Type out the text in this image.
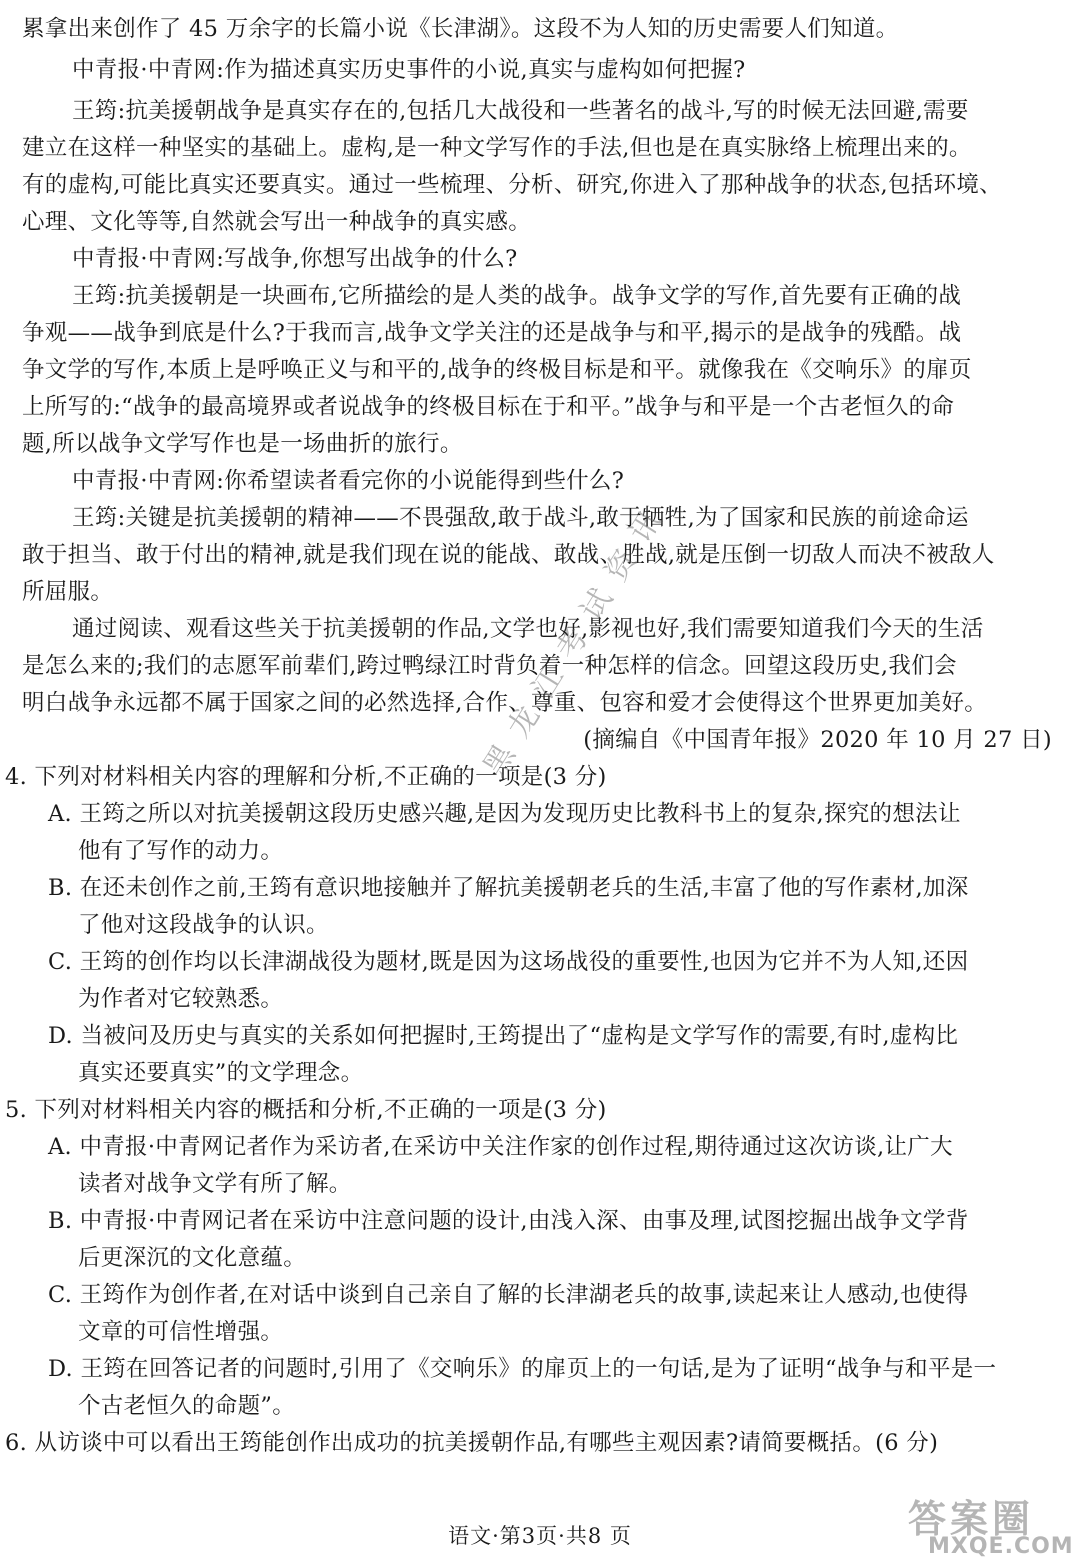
累拿出来创作了 45 万余字的长篇小说《长津湖》。这段不为人知的历史需要人们知道。
中青报·中青网:作为描述真实历史事件的小说,真实与虚构如何把握?
王筠:抗美援朝战争是真实存在的,包括几大战役和一些著名的战斗,写的时候无法回避,需要
建立在这样一种坚实的基础上。虚构,是一种文学写作的手法,但也是在真实脉络上梳理出来的。
有的虚构,可能比真实还要真实。通过一些梳理、分析、研究,你进入了那种战争的状态,包括环境、
心理、文化等等,自然就会写出一种战争的真实感。
中青报·中青网:写战争,你想写出战争的什么?
王筠:抗美援朝是一块画布,它所描绘的是人类的战争。战争文学的写作,首先要有正确的战
争观——战争到底是什么?于我而言,战争文学关注的还是战争与和平,揭示的是战争的残酷。战
争文学的写作,本质上是呼唤正义与和平的,战争的终极目标是和平。就像我在《交响乐》的扉页
上所写的:“战争的最高境界或者说战争的终极目标在于和平。”战争与和平是一个古老恒久的命
题,所以战争文学写作也是一场曲折的旅行。
中青报·中青网:你希望读者看完你的小说能得到些什么?
王筠:关键是抗美援朝的精神——不畏强敌,敢于战斗,敢于牺牲,为了国家和民族的前途命运
敢于担当、敢于付出的精神,就是我们现在说的能战、敢战、胜战,就是压倒一切敌人而决不被敌人
所屈服。
通过阅读、观看这些关于抗美援朝的作品,文学也好,影视也好,我们需要知道我们今天的生活
是怎么来的;我们的志愿军前辈们,跨过鸭绿江时背负着一种怎样的信念。回望这段历史,我们会
明白战争永远都不属于国家之间的必然选择,合作、尊重、包容和爱才会使得这个世界更加美好。
(摘编自《中国青年报》2020 年 10 月 27 日)
4. 下列对材料相关内容的理解和分析,不正确的一项是(3 分)
A. 王筠之所以对抗美援朝这段历史感兴趣,是因为发现历史比教科书上的复杂,探究的想法让
他有了写作的动力。
B. 在还未创作之前,王筠有意识地接触并了解抗美援朝老兵的生活,丰富了他的写作素材,加深
了他对这段战争的认识。
C. 王筠的创作均以长津湖战役为题材,既是因为这场战役的重要性,也因为它并不为人知,还因
为作者对它较熟悉。
D. 当被问及历史与真实的关系如何把握时,王筠提出了“虚构是文学写作的需要,有时,虚构比
真实还要真实”的文学理念。
5. 下列对材料相关内容的概括和分析,不正确的一项是(3 分)
A. 中青报·中青网记者作为采访者,在采访中关注作家的创作过程,期待通过这次访谈,让广大
读者对战争文学有所了解。
B. 中青报·中青网记者在采访中注意问题的设计,由浅入深、由事及理,试图挖掘出战争文学背
后更深沉的文化意蕴。
C. 王筠作为创作者,在对话中谈到自己亲自了解的长津湖老兵的故事,读起来让人感动,也使得
文章的可信性增强。
D. 王筠在回答记者的问题时,引用了《交响乐》的扉页上的一句话,是为了证明“战争与和平是一
个古老恒久的命题”。
6. 从访谈中可以看出王筠能创作出成功的抗美援朝作品,有哪些主观因素?请简要概括。(6 分)
黑龙江考试资讯
语文·第3页·共8 页	答案圈
MXQE.COM
